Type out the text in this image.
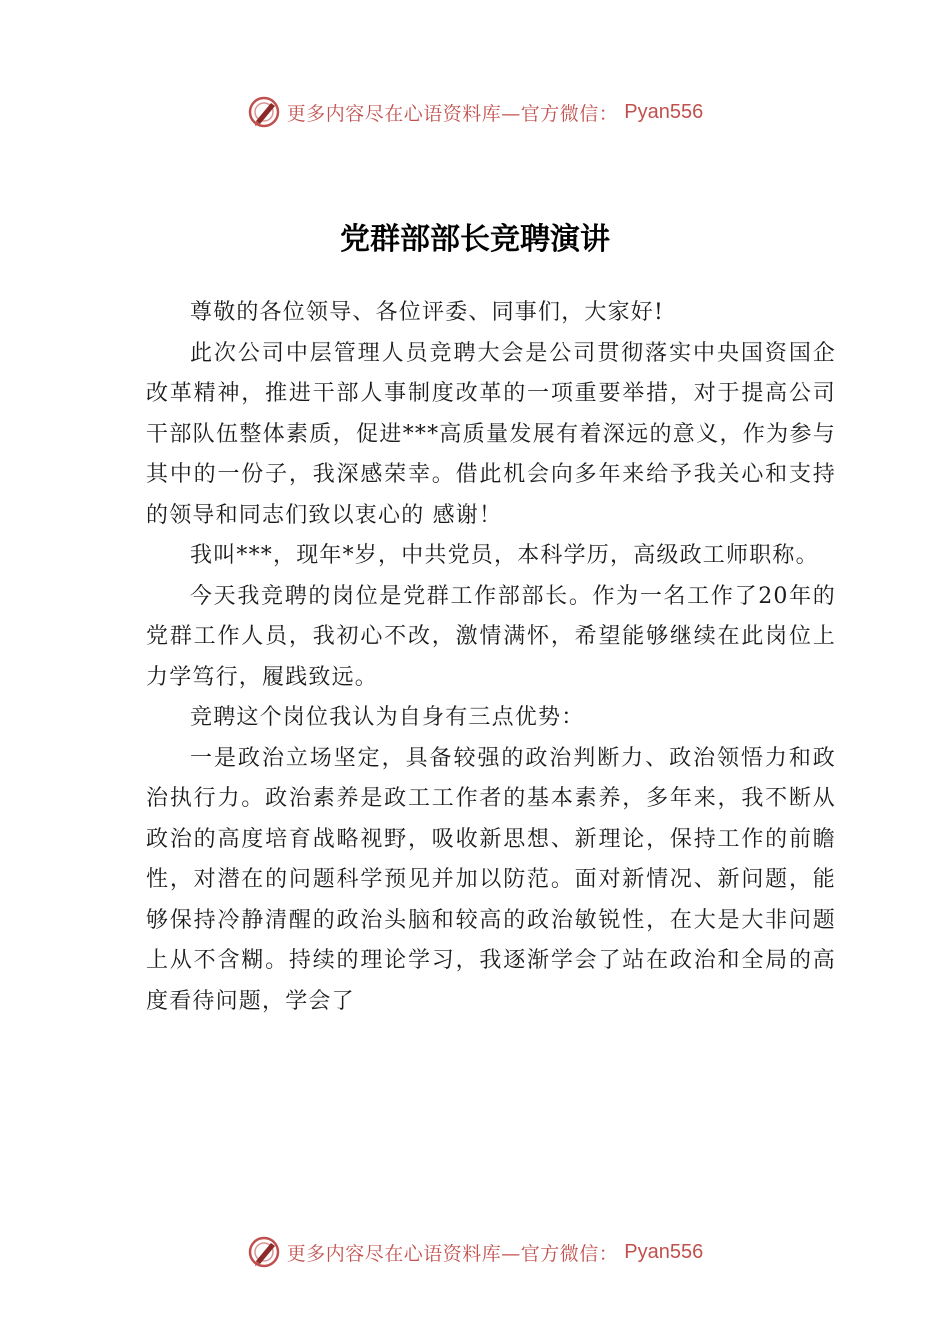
更多内容尽在心语资料库—官方微信： Pyan556
党群部部长竞聘演讲

尊敬的各位领导、各位评委、同事们，大家好!

此次公司中层管理人员竞聘大会是公司贯彻落实中央国资国企改革精神，推进干部人事制度改革的一项重要举措，对于提高公司干部队伍整体素质，促进***高质量发展有着深远的意义，作为参与其中的一份子，我深感荣幸。借此机会向多年来给予我关心和支持的领导和同志们致以衷心的 感谢！

我叫***，现年*岁，中共党员，本科学历，高级政工师职称。

今天我竞聘的岗位是党群工作部部长。作为一名工作了20年的党群工作人员，我初心不改，激情满怀，希望能够继续在此岗位上力学笃行，履践致远。

竞聘这个岗位我认为自身有三点优势：

一是政治立场坚定，具备较强的政治判断力、政治领悟力和政治执行力。政治素养是政工工作者的基本素养，多年来，我不断从政治的高度培育战略视野，吸收新思想、新理论，保持工作的前瞻性，对潜在的问题科学预见并加以防范。面对新情况、新问题，能够保持冷静清醒的政治头脑和较高的政治敏锐性，在大是大非问题上从不含糊。持续的理论学习，我逐渐学会了站在政治和全局的高度看待问题，学会了

更多内容尽在心语资料库—官方微信： Pyan556
